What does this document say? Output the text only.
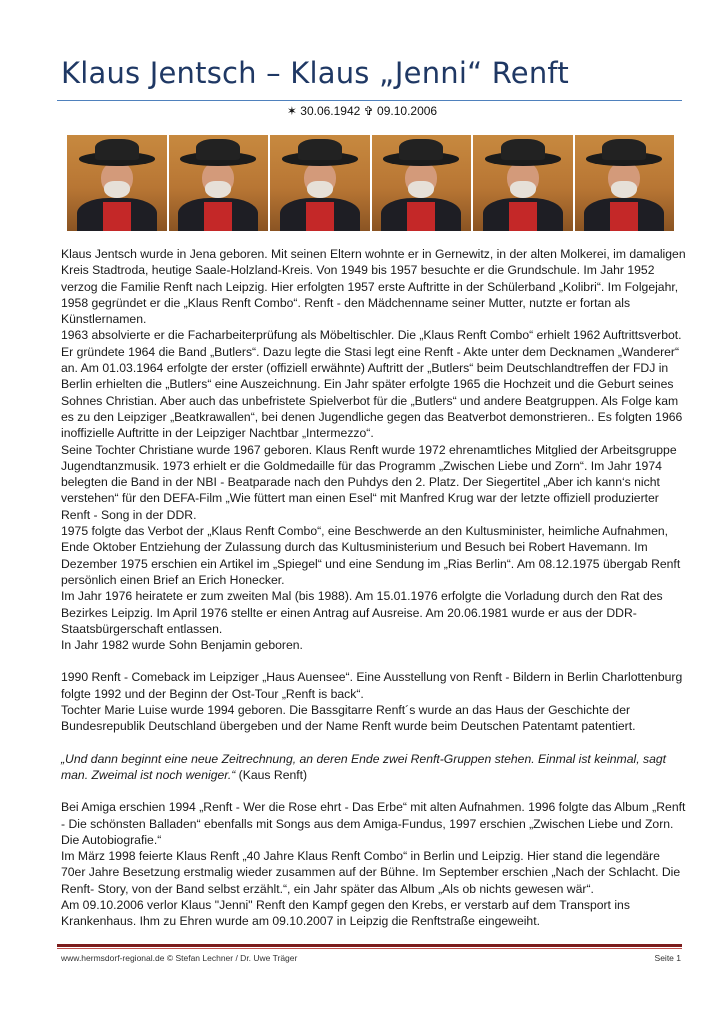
Klaus Jentsch – Klaus „Jenni“ Renft
✶ 30.06.1942 ✞ 09.10.2006

Klaus Jentsch wurde in Jena geboren. Mit seinen Eltern wohnte er in Gernewitz, in der alten Molkerei, im damaligen Kreis Stadtroda, heutige Saale-Holzland-Kreis. Von 1949 bis 1957 besuchte er die Grundschule. Im Jahr 1952 verzog die Familie Renft nach Leipzig. Hier erfolgten 1957 erste Auftritte in der Schülerband „Kolibri“. Im Folgejahr, 1958 gegründet er die „Klaus Renft Combo“. Renft - den Mädchenname seiner Mutter, nutzte er fortan als Künstlernamen.

1963 absolvierte er die Facharbeiterprüfung als Möbeltischler. Die „Klaus Renft Combo“ erhielt 1962 Auftrittsverbot. Er gründete 1964 die Band „Butlers“. Dazu legte die Stasi legt eine Renft - Akte unter dem Decknamen „Wanderer“ an. Am 01.03.1964 erfolgte der erster (offiziell erwähnte) Auftritt der „Butlers“ beim Deutschlandtreffen der FDJ in Berlin erhielten die „Butlers“ eine Auszeichnung. Ein Jahr später erfolgte 1965 die Hochzeit und die Geburt seines Sohnes Christian. Aber auch das unbefristete Spielverbot für die „Butlers“ und andere Beatgruppen. Als Folge kam es zu den Leipziger „Beatkrawallen“, bei denen Jugendliche gegen das Beatverbot demonstrieren.. Es folgten 1966 inoffizielle Auftritte in der Leipziger Nachtbar „Intermezzo“.

Seine Tochter Christiane wurde 1967 geboren. Klaus Renft wurde 1972 ehrenamtliches Mitglied der Arbeitsgruppe Jugendtanzmusik. 1973 erhielt er die Goldmedaille für das Programm „Zwischen Liebe und Zorn“. Im Jahr 1974 belegten die Band in der NBI - Beatparade nach den Puhdys den 2. Platz. Der Siegertitel „Aber ich kann‘s nicht verstehen“ für den DEFA-Film „Wie füttert man einen Esel“ mit Manfred Krug war der letzte offiziell produzierter Renft - Song in der DDR.

1975 folgte das Verbot der „Klaus Renft Combo“, eine Beschwerde an den Kultusminister, heimliche Aufnahmen, Ende Oktober Entziehung der Zulassung durch das Kultusministerium und Besuch bei Robert Havemann. Im Dezember 1975 erschien ein Artikel im „Spiegel“ und eine Sendung im „Rias Berlin“. Am 08.12.1975 übergab Renft persönlich einen Brief an Erich Honecker.

Im Jahr 1976 heiratete er zum zweiten Mal (bis 1988). Am 15.01.1976 erfolgte die Vorladung durch den Rat des Bezirkes Leipzig. Im April 1976 stellte er einen Antrag auf Ausreise. Am 20.06.1981 wurde er aus der DDR-Staatsbürgerschaft entlassen.

In Jahr 1982 wurde Sohn Benjamin geboren.

1990 Renft - Comeback im Leipziger „Haus Auensee“. Eine Ausstellung von Renft - Bildern in Berlin Charlottenburg folgte 1992 und der Beginn der Ost-Tour „Renft is back“.

Tochter Marie Luise wurde 1994 geboren. Die Bassgitarre Renft´s wurde an das Haus der Geschichte der Bundesrepublik Deutschland übergeben und der Name Renft wurde beim Deutschen Patentamt patentiert.

„Und dann beginnt eine neue Zeitrechnung, an deren Ende zwei Renft-Gruppen stehen. Einmal ist keinmal, sagt man. Zweimal ist noch weniger.“ (Kaus Renft)

Bei Amiga erschien 1994 „Renft - Wer die Rose ehrt - Das Erbe“ mit alten Aufnahmen. 1996 folgte das Album „Renft - Die schönsten Balladen“ ebenfalls mit Songs aus dem Amiga-Fundus, 1997 erschien „Zwischen Liebe und Zorn. Die Autobiografie.“

Im März 1998 feierte Klaus Renft „40 Jahre Klaus Renft Combo“ in Berlin und Leipzig. Hier stand die legendäre 70er Jahre Besetzung erstmalig wieder zusammen auf der Bühne. Im September erschien „Nach der Schlacht. Die Renft- Story, von der Band selbst erzählt.“, ein Jahr später das Album „Als ob nichts gewesen wär“.

Am 09.10.2006 verlor Klaus "Jenni" Renft den Kampf gegen den Krebs, er verstarb auf dem Transport ins Krankenhaus. Ihm zu Ehren wurde am 09.10.2007 in Leipzig die Renftstraße eingeweiht.

www.hermsdorf-regional.de © Stefan Lechner / Dr. Uwe Träger	Seite 1
